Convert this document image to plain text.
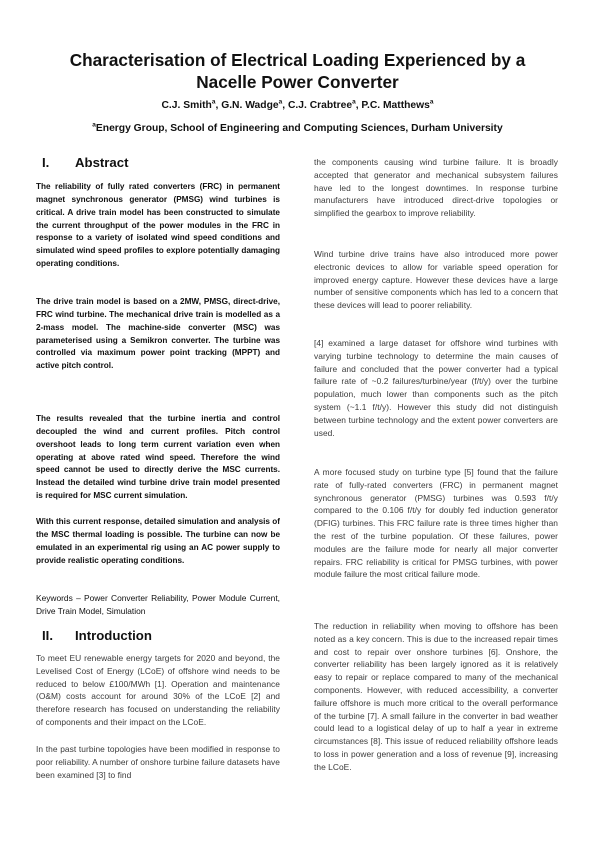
Characterisation of Electrical Loading Experienced by a
Nacelle Power Converter
C.J. Smith$^a$, G.N. Wadge$^a$, C.J. Crabtree$^a$, P.C. Matthews$^a$
$^a$Energy Group, School of Engineering and Computing Sciences, Durham University
I. Abstract
The reliability of fully rated converters (FRC) in permanent magnet synchronous generator (PMSG) wind turbines is critical. A drive train model has been constructed to simulate the current throughput of the power modules in the FRC in response to a variety of isolated wind speed conditions and simulated wind speed profiles to explore potentially damaging operating conditions.
The drive train model is based on a 2MW, PMSG, direct-drive, FRC wind turbine. The mechanical drive train is modelled as a 2-mass model. The machine-side converter (MSC) was parameterised using a Semikron converter. The turbine was controlled via maximum power point tracking (MPPT) and active pitch control.
The results revealed that the turbine inertia and control decoupled the wind and current profiles. Pitch control overshoot leads to long term current variation even when operating at above rated wind speed. Therefore the wind speed cannot be used to directly derive the MSC currents. Instead the detailed wind turbine drive train model presented is required for MSC current simulation.
With this current response, detailed simulation and analysis of the MSC thermal loading is possible. The turbine can now be emulated in an experimental rig using an AC power supply to provide realistic operating conditions.
Keywords – Power Converter Reliability, Power Module Current, Drive Train Model, Simulation
II. Introduction
To meet EU renewable energy targets for 2020 and beyond, the Levelised Cost of Energy (LCoE) of offshore wind needs to be reduced to below £100/MWh [1]. Operation and maintenance (O&M) costs account for around 30% of the LCoE [2] and therefore research has focused on understanding the reliability of components and their impact on the LCoE.
In the past turbine topologies have been modified in response to poor reliability. A number of onshore turbine failure datasets have been examined [3] to find
the components causing wind turbine failure. It is broadly accepted that generator and mechanical subsystem failures have led to the longest downtimes. In response turbine manufacturers have introduced direct-drive topologies or simplified the gearbox to improve reliability.
Wind turbine drive trains have also introduced more power electronic devices to allow for variable speed operation for improved energy capture. However these devices have a large number of sensitive components which has led to a concern that these devices will lead to poorer reliability.
[4] examined a large dataset for offshore wind turbines with varying turbine technology to determine the main causes of failure and concluded that the power converter had a typical failure rate of ~0.2 failures/turbine/year (f/t/y) over the turbine population, much lower than components such as the pitch system (~1.1 f/t/y). However this study did not distinguish between turbine technology and the extent power converters are used.
A more focused study on turbine type [5] found that the failure rate of fully-rated converters (FRC) in permanent magnet synchronous generator (PMSG) turbines was 0.593 f/t/y compared to the 0.106 f/t/y for doubly fed induction generator (DFIG) turbines. This FRC failure rate is three times higher than the rest of the turbine population. Of these failures, power modules are the failure mode for nearly all major converter repairs. FRC reliability is critical for PMSG turbines, with power module failure the most critical failure mode.
The reduction in reliability when moving to offshore has been noted as a key concern. This is due to the increased repair times and cost to repair over onshore turbines [6]. Onshore, the converter reliability has been largely ignored as it is relatively easy to repair or replace compared to many of the mechanical components. However, with reduced accessibility, a converter failure offshore is much more critical to the overall performance of the turbine [7]. A small failure in the converter in bad weather could lead to a logistical delay of up to half a year in extreme circumstances [8]. This issue of reduced reliability offshore leads to loss in power generation and a loss of revenue [9], increasing the LCoE.
